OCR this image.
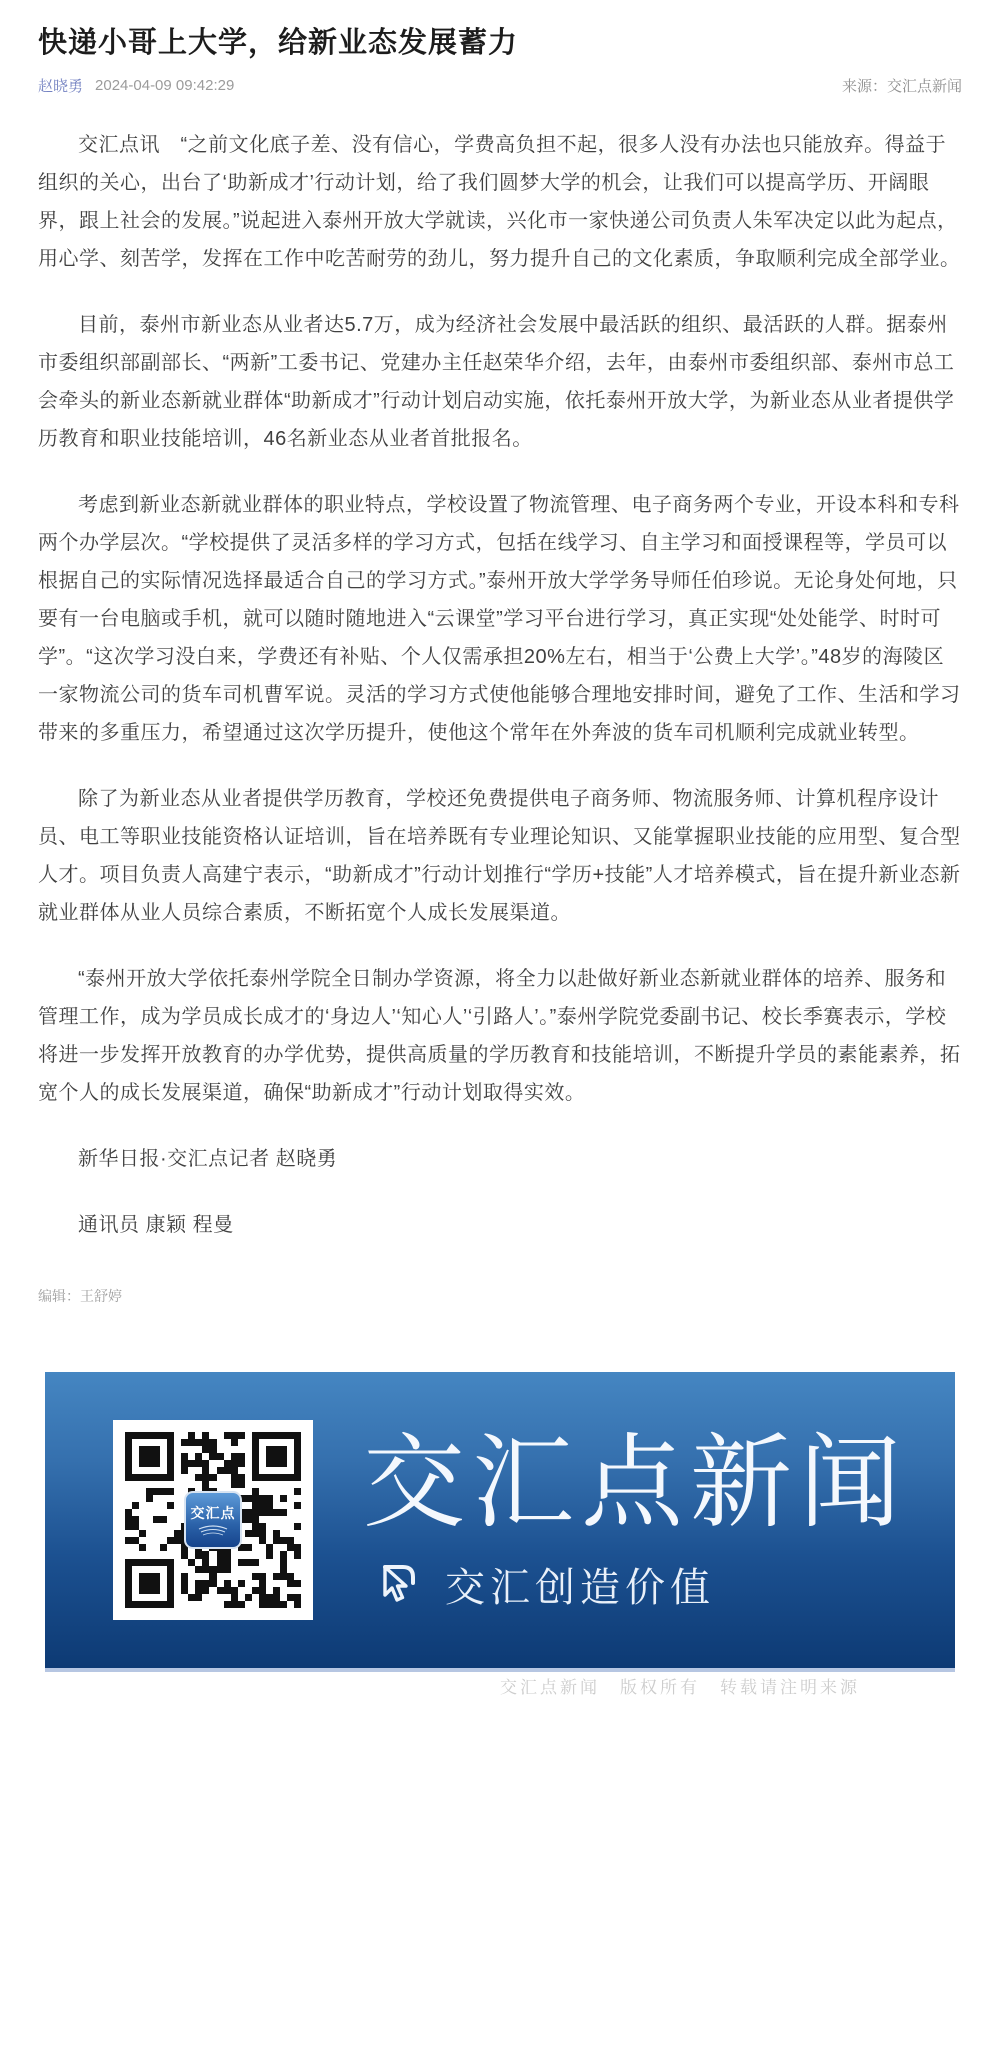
快递小哥上大学，给新业态发展蓄力
赵晓勇 2024-04-09 09:42:29	来源：交汇点新闻

交汇点讯　“之前文化底子差、没有信心，学费高负担不起，很多人没有办法也只能放弃。得益于组织的关心，出台了‘助新成才’行动计划，给了我们圆梦大学的机会，让我们可以提高学历、开阔眼界，跟上社会的发展。”说起进入泰州开放大学就读，兴化市一家快递公司负责人朱军决定以此为起点，用心学、刻苦学，发挥在工作中吃苦耐劳的劲儿，努力提升自己的文化素质，争取顺利完成全部学业。

目前，泰州市新业态从业者达5.7万，成为经济社会发展中最活跃的组织、最活跃的人群。据泰州市委组织部副部长、“两新”工委书记、党建办主任赵荣华介绍，去年，由泰州市委组织部、泰州市总工会牵头的新业态新就业群体“助新成才”行动计划启动实施，依托泰州开放大学，为新业态从业者提供学历教育和职业技能培训，46名新业态从业者首批报名。

考虑到新业态新就业群体的职业特点，学校设置了物流管理、电子商务两个专业，开设本科和专科两个办学层次。“学校提供了灵活多样的学习方式，包括在线学习、自主学习和面授课程等，学员可以根据自己的实际情况选择最适合自己的学习方式。”泰州开放大学学务导师任伯珍说。无论身处何地，只要有一台电脑或手机，就可以随时随地进入“云课堂”学习平台进行学习，真正实现“处处能学、时时可学”。“这次学习没白来，学费还有补贴、个人仅需承担20%左右，相当于‘公费上大学’。”48岁的海陵区一家物流公司的货车司机曹军说。灵活的学习方式使他能够合理地安排时间，避免了工作、生活和学习带来的多重压力，希望通过这次学历提升，使他这个常年在外奔波的货车司机顺利完成就业转型。

除了为新业态从业者提供学历教育，学校还免费提供电子商务师、物流服务师、计算机程序设计员、电工等职业技能资格认证培训，旨在培养既有专业理论知识、又能掌握职业技能的应用型、复合型人才。项目负责人高建宁表示，“助新成才”行动计划推行“学历+技能”人才培养模式，旨在提升新业态新就业群体从业人员综合素质，不断拓宽个人成长发展渠道。

“泰州开放大学依托泰州学院全日制办学资源，将全力以赴做好新业态新就业群体的培养、服务和管理工作，成为学员成长成才的‘身边人’‘知心人’‘引路人’。”泰州学院党委副书记、校长季赛表示，学校将进一步发挥开放教育的办学优势，提供高质量的学历教育和技能培训，不断提升学员的素能素养，拓宽个人的成长发展渠道，确保“助新成才”行动计划取得实效。

新华日报·交汇点记者 赵晓勇

通讯员 康颖 程曼

编辑：王舒婷
交汇点 交汇点新闻
交汇创造价值
交汇点新闻　版权所有　转载请注明来源
